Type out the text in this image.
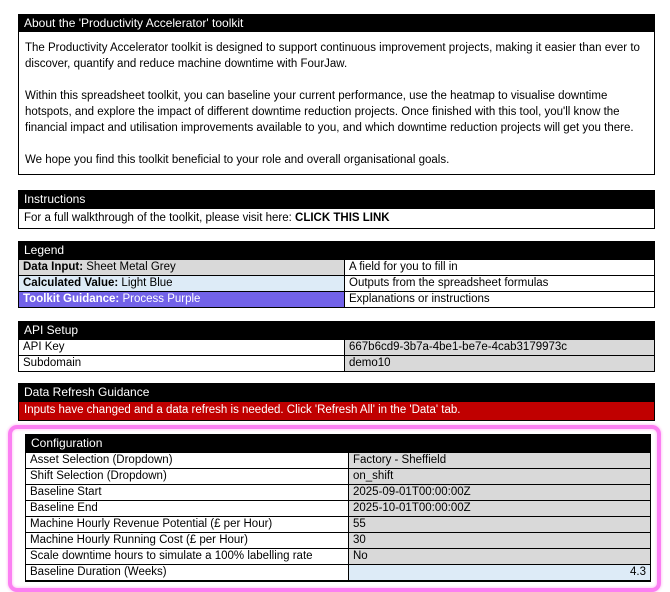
About the 'Productivity Accelerator' toolkit

The Productivity Accelerator toolkit is designed to support continuous improvement projects, making it easier than ever to discover, quantify and reduce machine downtime with FourJaw.

Within this spreadsheet toolkit, you can baseline your current performance, use the heatmap to visualise downtime hotspots, and explore the impact of different downtime reduction projects. Once finished with this tool, you'll know the financial impact and utilisation improvements available to you, and which downtime reduction projects will get you there.

We hope you find this toolkit beneficial to your role and overall organisational goals.

Instructions
For a full walkthrough of the toolkit, please visit here: CLICK THIS LINK
Legend
Data Input: Sheet Metal Grey	A field for you to fill in
Calculated Value: Light Blue	Outputs from the spreadsheet formulas
Toolkit Guidance: Process Purple	Explanations or instructions
API Setup
API Key	667b6cd9-3b7a-4be1-be7e-4cab3179973c
Subdomain	demo10
Data Refresh Guidance
Inputs have changed and a data refresh is needed. Click 'Refresh All' in the 'Data' tab.
Configuration
Asset Selection (Dropdown)	Factory - Sheffield
Shift Selection (Dropdown)	on_shift
Baseline Start	2025-09-01T00:00:00Z
Baseline End	2025-10-01T00:00:00Z
Machine Hourly Revenue Potential (£ per Hour)	55
Machine Hourly Running Cost (£ per Hour)	30
Scale downtime hours to simulate a 100% labelling rate	No
Baseline Duration (Weeks)	4.3
